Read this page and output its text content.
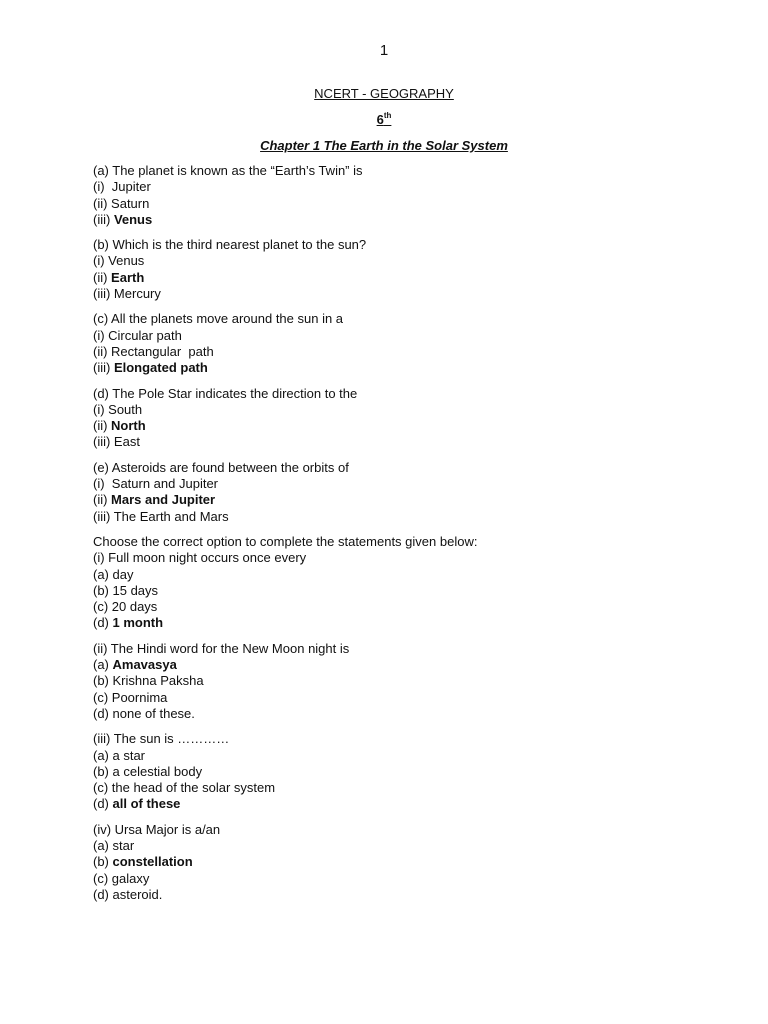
1
NCERT - GEOGRAPHY
6th
Chapter 1 The Earth in the Solar System
(a) The planet is known as the “Earth’s Twin” is
(i)  Jupiter
(ii) Saturn
(iii) Venus
(b) Which is the third nearest planet to the sun?
(i) Venus
(ii) Earth
(iii) Mercury
(c) All the planets move around the sun in a
(i) Circular path
(ii) Rectangular  path
(iii) Elongated path
(d) The Pole Star indicates the direction to the
(i) South
(ii) North
(iii) East
(e) Asteroids are found between the orbits of
(i)  Saturn and Jupiter
(ii) Mars and Jupiter
(iii) The Earth and Mars
Choose the correct option to complete the statements given below:
(i) Full moon night occurs once every
(a) day
(b) 15 days
(c) 20 days
(d) 1 month
(ii) The Hindi word for the New Moon night is
(a) Amavasya
(b) Krishna Paksha
(c) Poornima
(d) none of these.
(iii) The sun is …………
(a) a star
(b) a celestial body
(c) the head of the solar system
(d) all of these
(iv) Ursa Major is a/an
(a) star
(b) constellation
(c) galaxy
(d) asteroid.
